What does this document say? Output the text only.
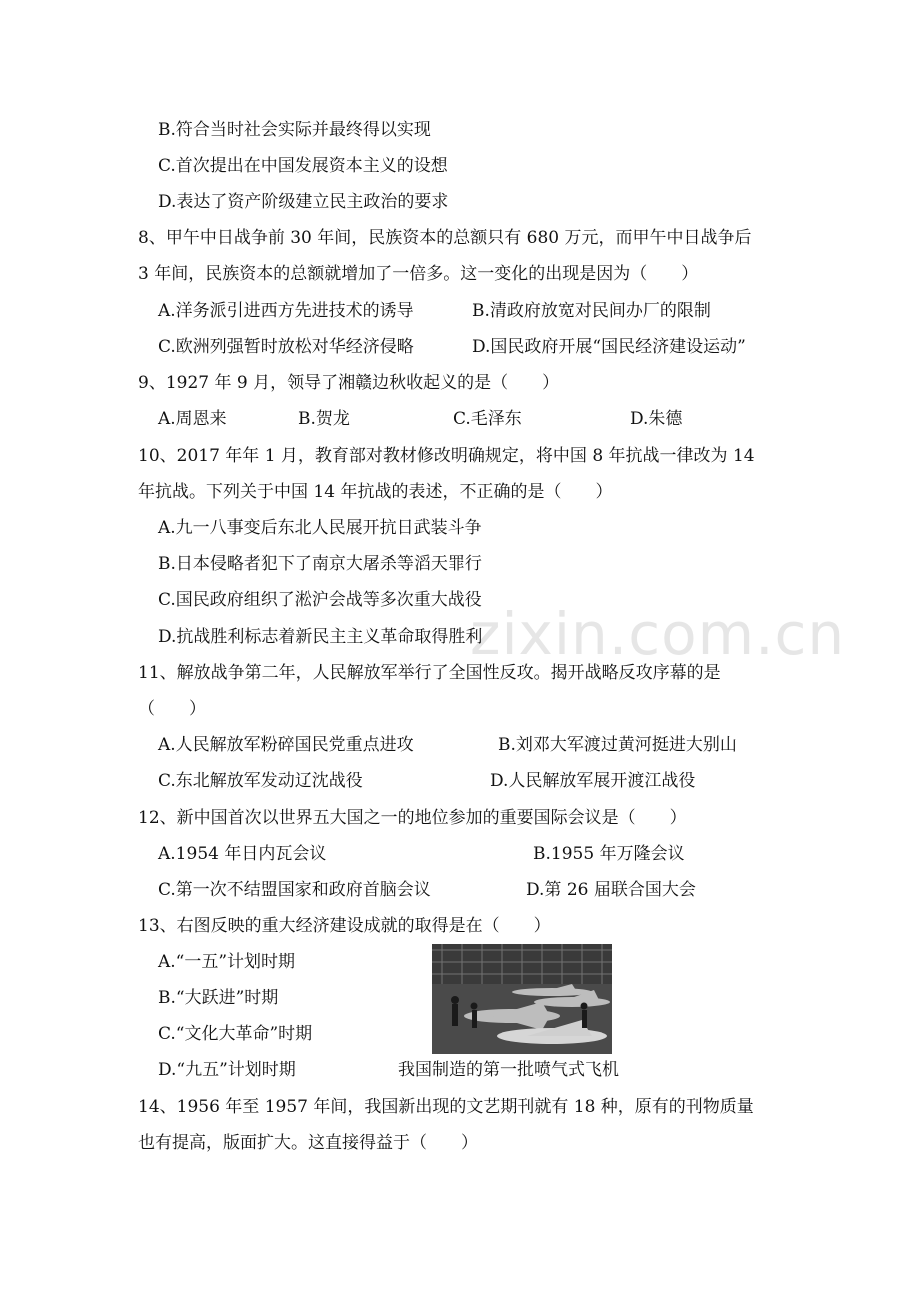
zixin.com.cn
B.符合当时社会实际并最终得以实现
C.首次提出在中国发展资本主义的设想
D.表达了资产阶级建立民主政治的要求
8、甲午中日战争前 30 年间，民族资本的总额只有 680 万元，而甲午中日战争后
3 年间，民族资本的总额就增加了一倍多。这一变化的出现是因为（　　）
A.洋务派引进西方先进技术的诱导	B.清政府放宽对民间办厂的限制
C.欧洲列强暂时放松对华经济侵略	D.国民政府开展“国民经济建设运动”
9、1927 年 9 月，领导了湘赣边秋收起义的是（　　）
A.周恩来	B.贺龙	C.毛泽东	D.朱德
10、2017 年年 1 月，教育部对教材修改明确规定，将中国 8 年抗战一律改为 14
年抗战。下列关于中国 14 年抗战的表述，不正确的是（　　）
A.九一八事变后东北人民展开抗日武装斗争
B.日本侵略者犯下了南京大屠杀等滔天罪行
C.国民政府组织了淞沪会战等多次重大战役
D.抗战胜利标志着新民主主义革命取得胜利
11、解放战争第二年，人民解放军举行了全国性反攻。揭开战略反攻序幕的是
（　　）
A.人民解放军粉碎国民党重点进攻	B.刘邓大军渡过黄河挺进大别山
C.东北解放军发动辽沈战役	D.人民解放军展开渡江战役
12、新中国首次以世界五大国之一的地位参加的重要国际会议是（　　）
A.1954 年日内瓦会议	B.1955 年万隆会议
C.第一次不结盟国家和政府首脑会议	D.第 26 届联合国大会
13、右图反映的重大经济建设成就的取得是在（　　）
A.“一五”计划时期
B.“大跃进”时期
C.“文化大革命”时期
D.“九五”计划时期	我国制造的第一批喷气式飞机
14、1956 年至 1957 年间，我国新出现的文艺期刊就有 18 种，原有的刊物质量
也有提高，版面扩大。这直接得益于（　　）
